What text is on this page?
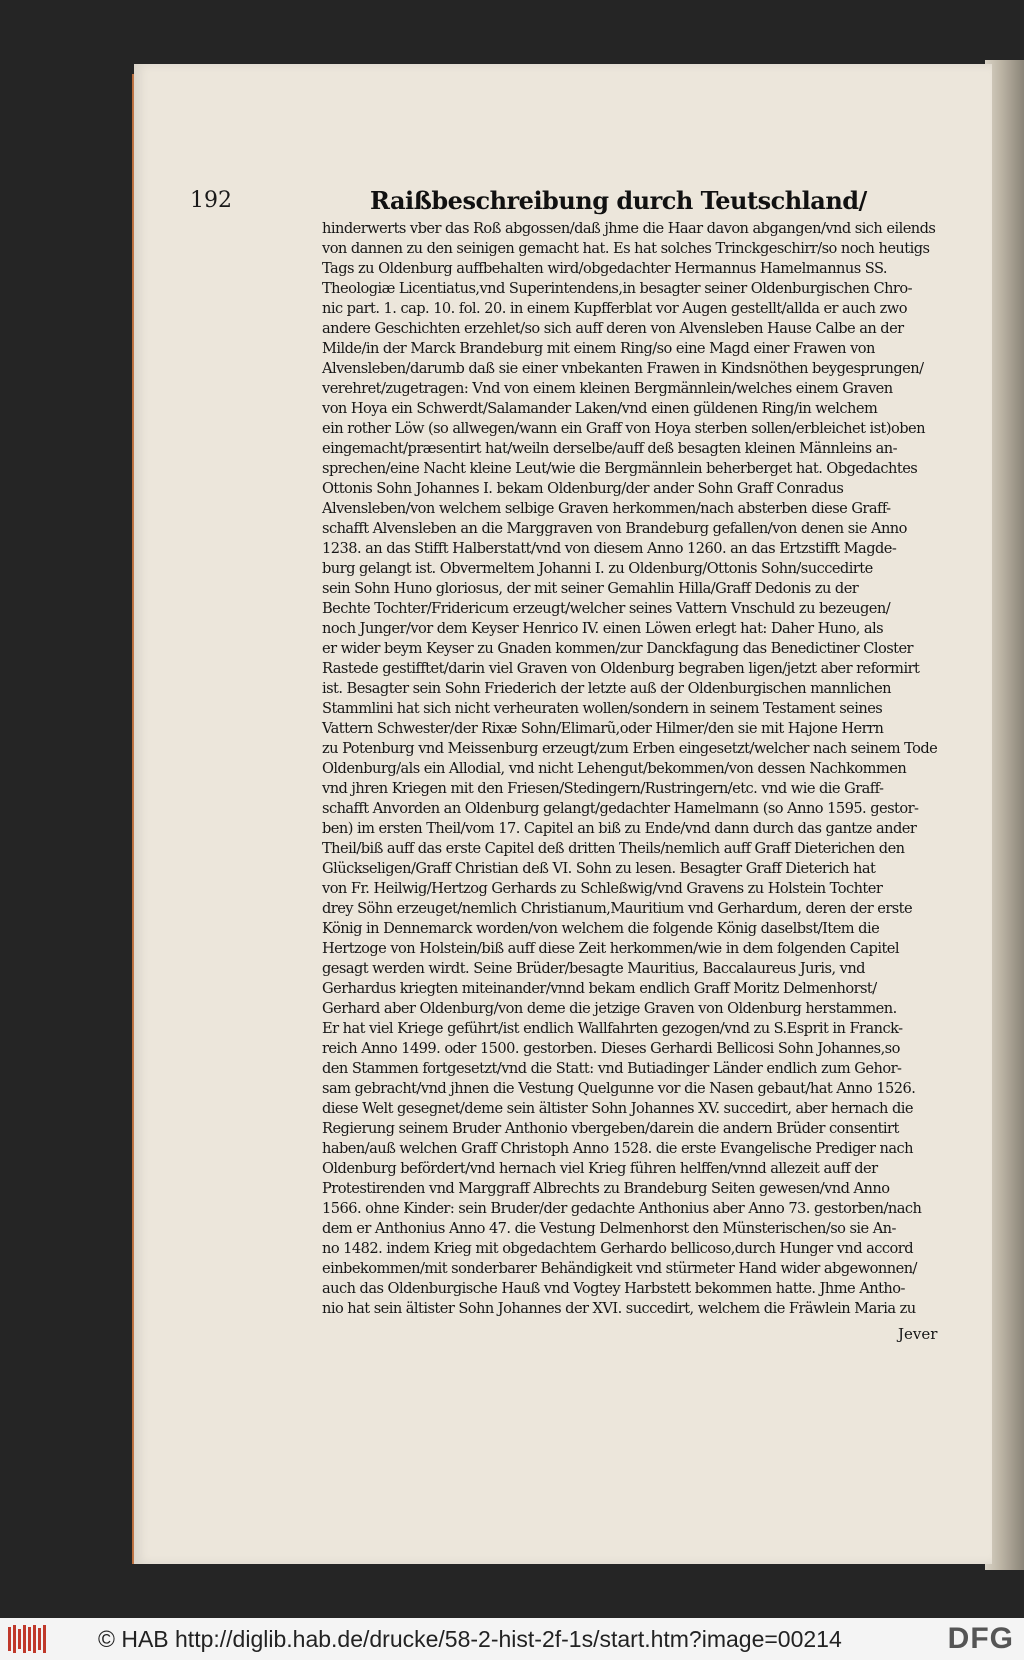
192	Raißbeschreibung durch Teutschland/
hinderwerts vber das Roß abgossen/daß jhme die Haar davon abgangen/vnd sich eilends
von dannen zu den seinigen gemacht hat. Es hat solches Trinckgeschirr/so noch heutigs
Tags zu Oldenburg auffbehalten wird/obgedachter Hermannus Hamelmannus SS.
Theologiæ Licentiatus,vnd Superintendens,in besagter seiner Oldenburgischen Chro-
nic part. 1. cap. 10. fol. 20. in einem Kupfferblat vor Augen gestellt/allda er auch zwo
andere Geschichten erzehlet/so sich auff deren von Alvensleben Hause Calbe an der
Milde/in der Marck Brandeburg mit einem Ring/so eine Magd einer Frawen von
Alvensleben/darumb daß sie einer vnbekanten Frawen in Kindsnöthen beygesprungen/
verehret/zugetragen: Vnd von einem kleinen Bergmännlein/welches einem Graven
von Hoya ein Schwerdt/Salamander Laken/vnd einen güldenen Ring/in welchem
ein rother Löw (so allwegen/wann ein Graff von Hoya sterben sollen/erbleichet ist)oben
eingemacht/præsentirt hat/weiln derselbe/auff deß besagten kleinen Männleins an-
sprechen/eine Nacht kleine Leut/wie die Bergmännlein beherberget hat. Obgedachtes
Ottonis Sohn Johannes I. bekam Oldenburg/der ander Sohn Graff Conradus
Alvensleben/von welchem selbige Graven herkommen/nach absterben diese Graff-
schafft Alvensleben an die Marggraven von Brandeburg gefallen/von denen sie Anno
1238. an das Stifft Halberstatt/vnd von diesem Anno 1260. an das Ertzstifft Magde-
burg gelangt ist. Obvermeltem Johanni I. zu Oldenburg/Ottonis Sohn/succedirte
sein Sohn Huno gloriosus, der mit seiner Gemahlin Hilla/Graff Dedonis zu der
Bechte Tochter/Fridericum erzeugt/welcher seines Vattern Vnschuld zu bezeugen/
noch Junger/vor dem Keyser Henrico IV. einen Löwen erlegt hat: Daher Huno, als
er wider beym Keyser zu Gnaden kommen/zur Danckfagung das Benedictiner Closter
Rastede gestifftet/darin viel Graven von Oldenburg begraben ligen/jetzt aber reformirt
ist. Besagter sein Sohn Friederich der letzte auß der Oldenburgischen mannlichen
Stammlini hat sich nicht verheuraten wollen/sondern in seinem Testament seines
Vattern Schwester/der Rixæ Sohn/Elimarũ,oder Hilmer/den sie mit Hajone Herrn
zu Potenburg vnd Meissenburg erzeugt/zum Erben eingesetzt/welcher nach seinem Tode
Oldenburg/als ein Allodial, vnd nicht Lehengut/bekommen/von dessen Nachkommen
vnd jhren Kriegen mit den Friesen/Stedingern/Rustringern/etc. vnd wie die Graff-
schafft Anvorden an Oldenburg gelangt/gedachter Hamelmann (so Anno 1595. gestor-
ben) im ersten Theil/vom 17. Capitel an biß zu Ende/vnd dann durch das gantze ander
Theil/biß auff das erste Capitel deß dritten Theils/nemlich auff Graff Dieterichen den
Glückseligen/Graff Christian deß VI. Sohn zu lesen. Besagter Graff Dieterich hat
von Fr. Heilwig/Hertzog Gerhards zu Schleßwig/vnd Gravens zu Holstein Tochter
drey Söhn erzeuget/nemlich Christianum,Mauritium vnd Gerhardum, deren der erste
König in Dennemarck worden/von welchem die folgende König daselbst/Item die
Hertzoge von Holstein/biß auff diese Zeit herkommen/wie in dem folgenden Capitel
gesagt werden wirdt. Seine Brüder/besagte Mauritius, Baccalaureus Juris, vnd
Gerhardus kriegten miteinander/vnnd bekam endlich Graff Moritz Delmenhorst/
Gerhard aber Oldenburg/von deme die jetzige Graven von Oldenburg herstammen.
Er hat viel Kriege geführt/ist endlich Wallfahrten gezogen/vnd zu S.Esprit in Franck-
reich Anno 1499. oder 1500. gestorben. Dieses Gerhardi Bellicosi Sohn Johannes,so
den Stammen fortgesetzt/vnd die Statt: vnd Butiadinger Länder endlich zum Gehor-
sam gebracht/vnd jhnen die Vestung Quelgunne vor die Nasen gebaut/hat Anno 1526.
diese Welt gesegnet/deme sein ältister Sohn Johannes XV. succedirt, aber hernach die
Regierung seinem Bruder Anthonio vbergeben/darein die andern Brüder consentirt
haben/auß welchen Graff Christoph Anno 1528. die erste Evangelische Prediger nach
Oldenburg befördert/vnd hernach viel Krieg führen helffen/vnnd allezeit auff der
Protestirenden vnd Marggraff Albrechts zu Brandeburg Seiten gewesen/vnd Anno
1566. ohne Kinder: sein Bruder/der gedachte Anthonius aber Anno 73. gestorben/nach
dem er Anthonius Anno 47. die Vestung Delmenhorst den Münsterischen/so sie An-
no 1482. indem Krieg mit obgedachtem Gerhardo bellicoso,durch Hunger vnd accord
einbekommen/mit sonderbarer Behändigkeit vnd stürmeter Hand wider abgewonnen/
auch das Oldenburgische Hauß vnd Vogtey Harbstett bekommen hatte. Jhme Antho-
nio hat sein ältister Sohn Johannes der XVI. succedirt, welchem die Fräwlein Maria zu
Jever
© HAB http://diglib.hab.de/drucke/58-2-hist-2f-1s/start.htm?image=00214	DFG
